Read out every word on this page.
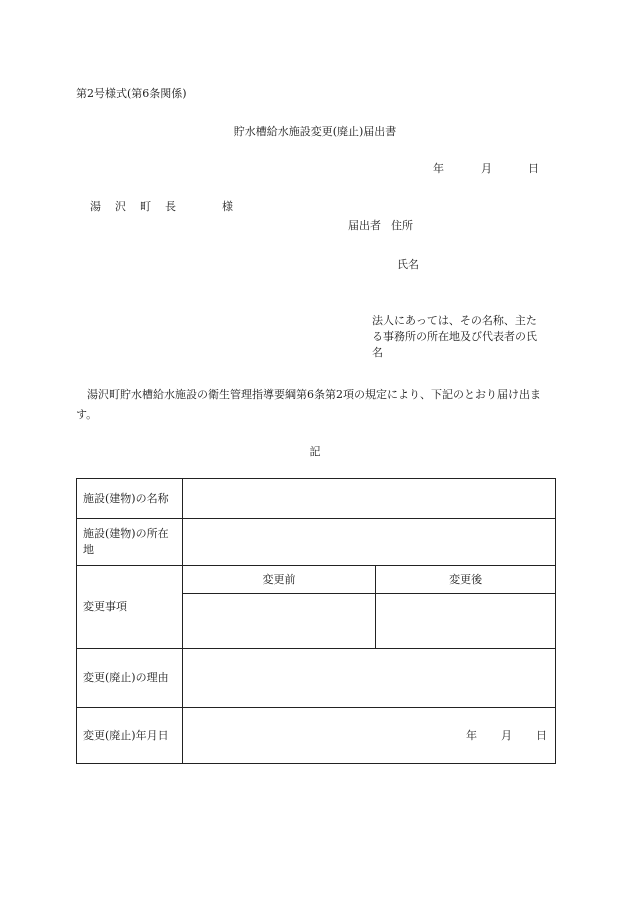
第2号様式(第6条関係)
貯水槽給水施設変更(廃止)届出書
年	月	日
湯 沢 町 長	様
届出者 住所
氏名
法人にあっては、その名称、主たる事務所の所在地及び代表者の氏名
湯沢町貯水槽給水施設の衛生管理指導要綱第6条第2項の規定により、下記のとおり届け出ます。
記
施設(建物)の名称		
施設(建物)の所在地		
変更事項	変更前	変更後

変更(廃止)の理由		
変更(廃止)年月日	年 月 日	
